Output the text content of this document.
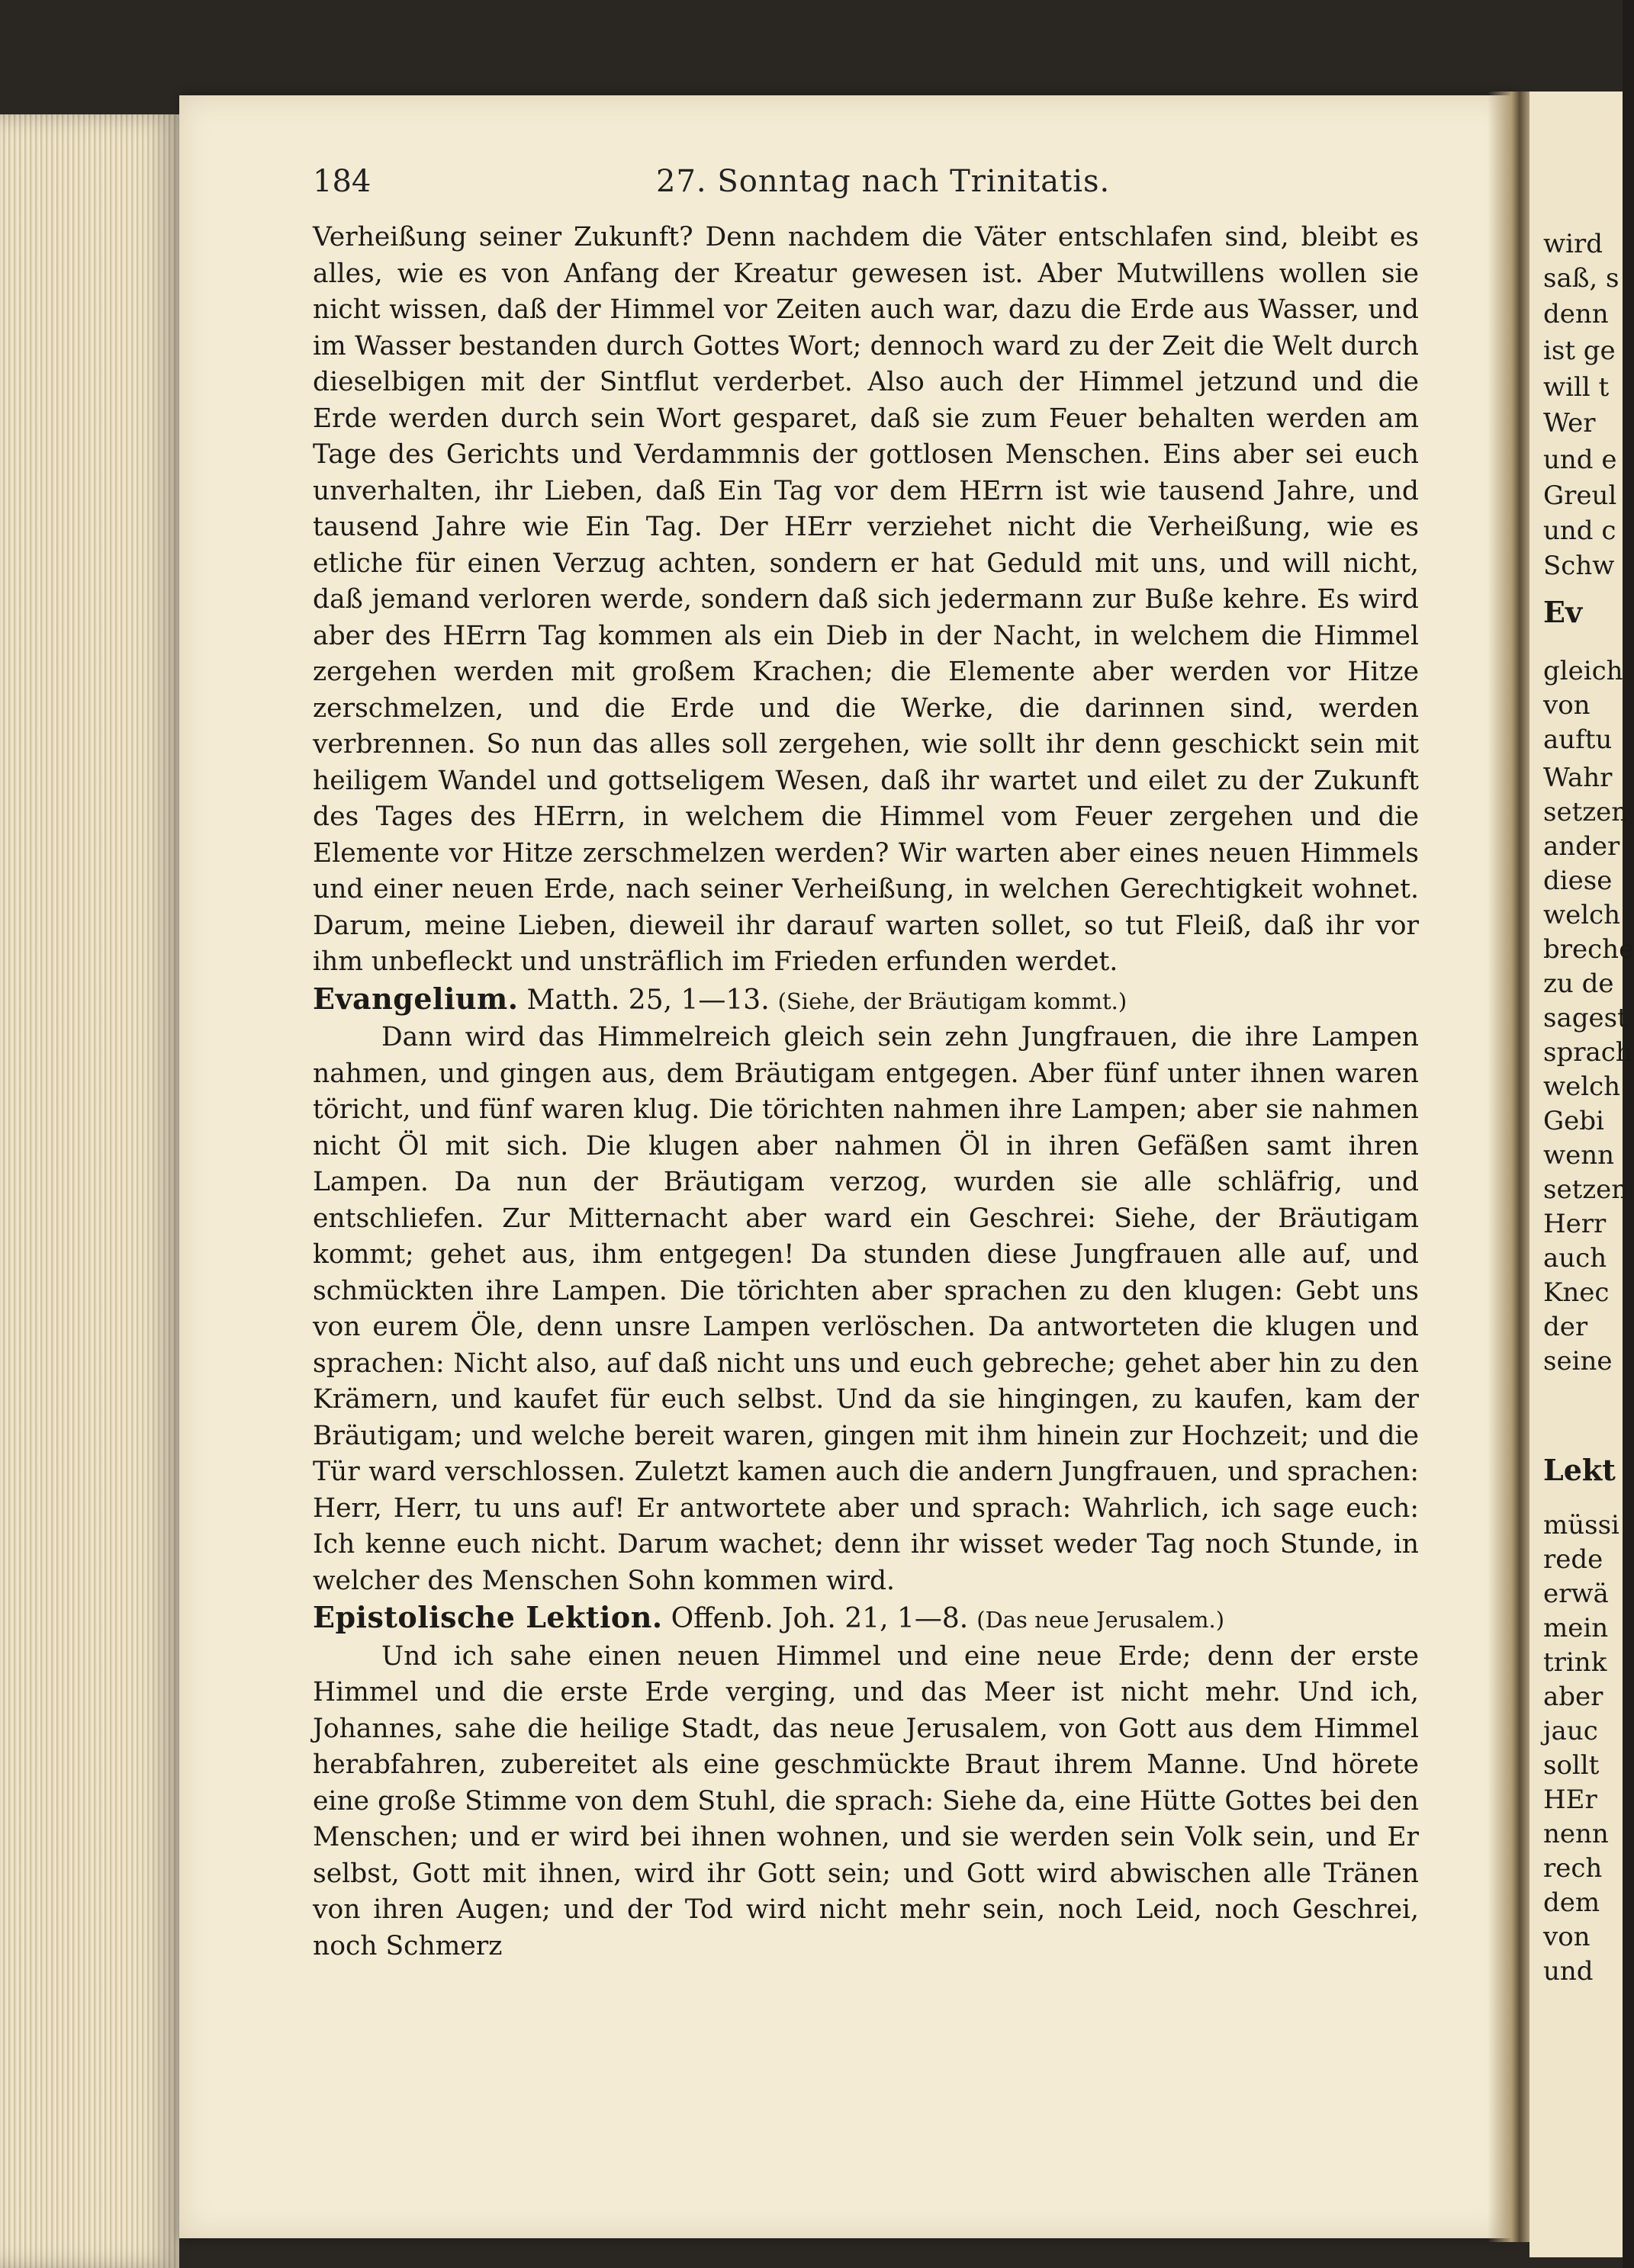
184	27. Sonntag nach Trinitatis.

Verheißung seiner Zukunft? Denn nachdem die Väter entschlafen sind, bleibt es alles, wie es von Anfang der Kreatur gewesen ist. Aber Mutwillens wollen sie nicht wissen, daß der Himmel vor Zeiten auch war, dazu die Erde aus Wasser, und im Wasser bestanden durch Gottes Wort; dennoch ward zu der Zeit die Welt durch dieselbigen mit der Sintflut verderbet. Also auch der Himmel jetzund und die Erde werden durch sein Wort gesparet, daß sie zum Feuer behalten werden am Tage des Gerichts und Verdammnis der gottlosen Menschen. Eins aber sei euch unverhalten, ihr Lieben, daß Ein Tag vor dem HErrn ist wie tausend Jahre, und tausend Jahre wie Ein Tag. Der HErr verziehet nicht die Verheißung, wie es etliche für einen Verzug achten, sondern er hat Geduld mit uns, und will nicht, daß jemand verloren werde, sondern daß sich jedermann zur Buße kehre. Es wird aber des HErrn Tag kommen als ein Dieb in der Nacht, in welchem die Himmel zergehen werden mit großem Krachen; die Elemente aber werden vor Hitze zerschmelzen, und die Erde und die Werke, die darinnen sind, werden verbrennen. So nun das alles soll zergehen, wie sollt ihr denn geschickt sein mit heiligem Wandel und gottseligem Wesen, daß ihr wartet und eilet zu der Zukunft des Tages des HErrn, in welchem die Himmel vom Feuer zergehen und die Elemente vor Hitze zerschmelzen werden? Wir warten aber eines neuen Himmels und einer neuen Erde, nach seiner Verheißung, in welchen Gerechtigkeit wohnet. Darum, meine Lieben, dieweil ihr darauf warten sollet, so tut Fleiß, daß ihr vor ihm unbefleckt und unsträflich im Frieden erfunden werdet.

Evangelium. Matth. 25, 1—13. (Siehe, der Bräutigam kommt.)

Dann wird das Himmelreich gleich sein zehn Jungfrauen, die ihre Lampen nahmen, und gingen aus, dem Bräutigam entgegen. Aber fünf unter ihnen waren töricht, und fünf waren klug. Die törichten nahmen ihre Lampen; aber sie nahmen nicht Öl mit sich. Die klugen aber nahmen Öl in ihren Gefäßen samt ihren Lampen. Da nun der Bräutigam verzog, wurden sie alle schläfrig, und entschliefen. Zur Mitternacht aber ward ein Geschrei: Siehe, der Bräutigam kommt; gehet aus, ihm entgegen! Da stunden diese Jungfrauen alle auf, und schmückten ihre Lampen. Die törichten aber sprachen zu den klugen: Gebt uns von eurem Öle, denn unsre Lampen verlöschen. Da antworteten die klugen und sprachen: Nicht also, auf daß nicht uns und euch gebreche; gehet aber hin zu den Krämern, und kaufet für euch selbst. Und da sie hingingen, zu kaufen, kam der Bräutigam; und welche bereit waren, gingen mit ihm hinein zur Hochzeit; und die Tür ward verschlossen. Zuletzt kamen auch die andern Jungfrauen, und sprachen: Herr, Herr, tu uns auf! Er antwortete aber und sprach: Wahrlich, ich sage euch: Ich kenne euch nicht. Darum wachet; denn ihr wisset weder Tag noch Stunde, in welcher des Menschen Sohn kommen wird.

Epistolische Lektion. Offenb. Joh. 21, 1—8. (Das neue Jerusalem.)

Und ich sahe einen neuen Himmel und eine neue Erde; denn der erste Himmel und die erste Erde verging, und das Meer ist nicht mehr. Und ich, Johannes, sahe die heilige Stadt, das neue Jerusalem, von Gott aus dem Himmel herabfahren, zubereitet als eine geschmückte Braut ihrem Manne. Und hörete eine große Stimme von dem Stuhl, die sprach: Siehe da, eine Hütte Gottes bei den Menschen; und er wird bei ihnen wohnen, und sie werden sein Volk sein, und Er selbst, Gott mit ihnen, wird ihr Gott sein; und Gott wird abwischen alle Tränen von ihren Augen; und der Tod wird nicht mehr sein, noch Leid, noch Geschrei, noch Schmerz

wird
saß, s
denn
ist ge
will t
Wer
und e
Greul
und c
Schw
Ev
gleich
von
auftu
Wahr
setzen
ander
diese
welch
breche
zu de
sagest
sprach
welch
Gebi
wenn
setzen
Herr
auch
Knec
der
seine
Lekt
müssi
rede
erwä
mein
trink
aber
jauc
sollt
HEr
nenn
rech
dem
von
und
